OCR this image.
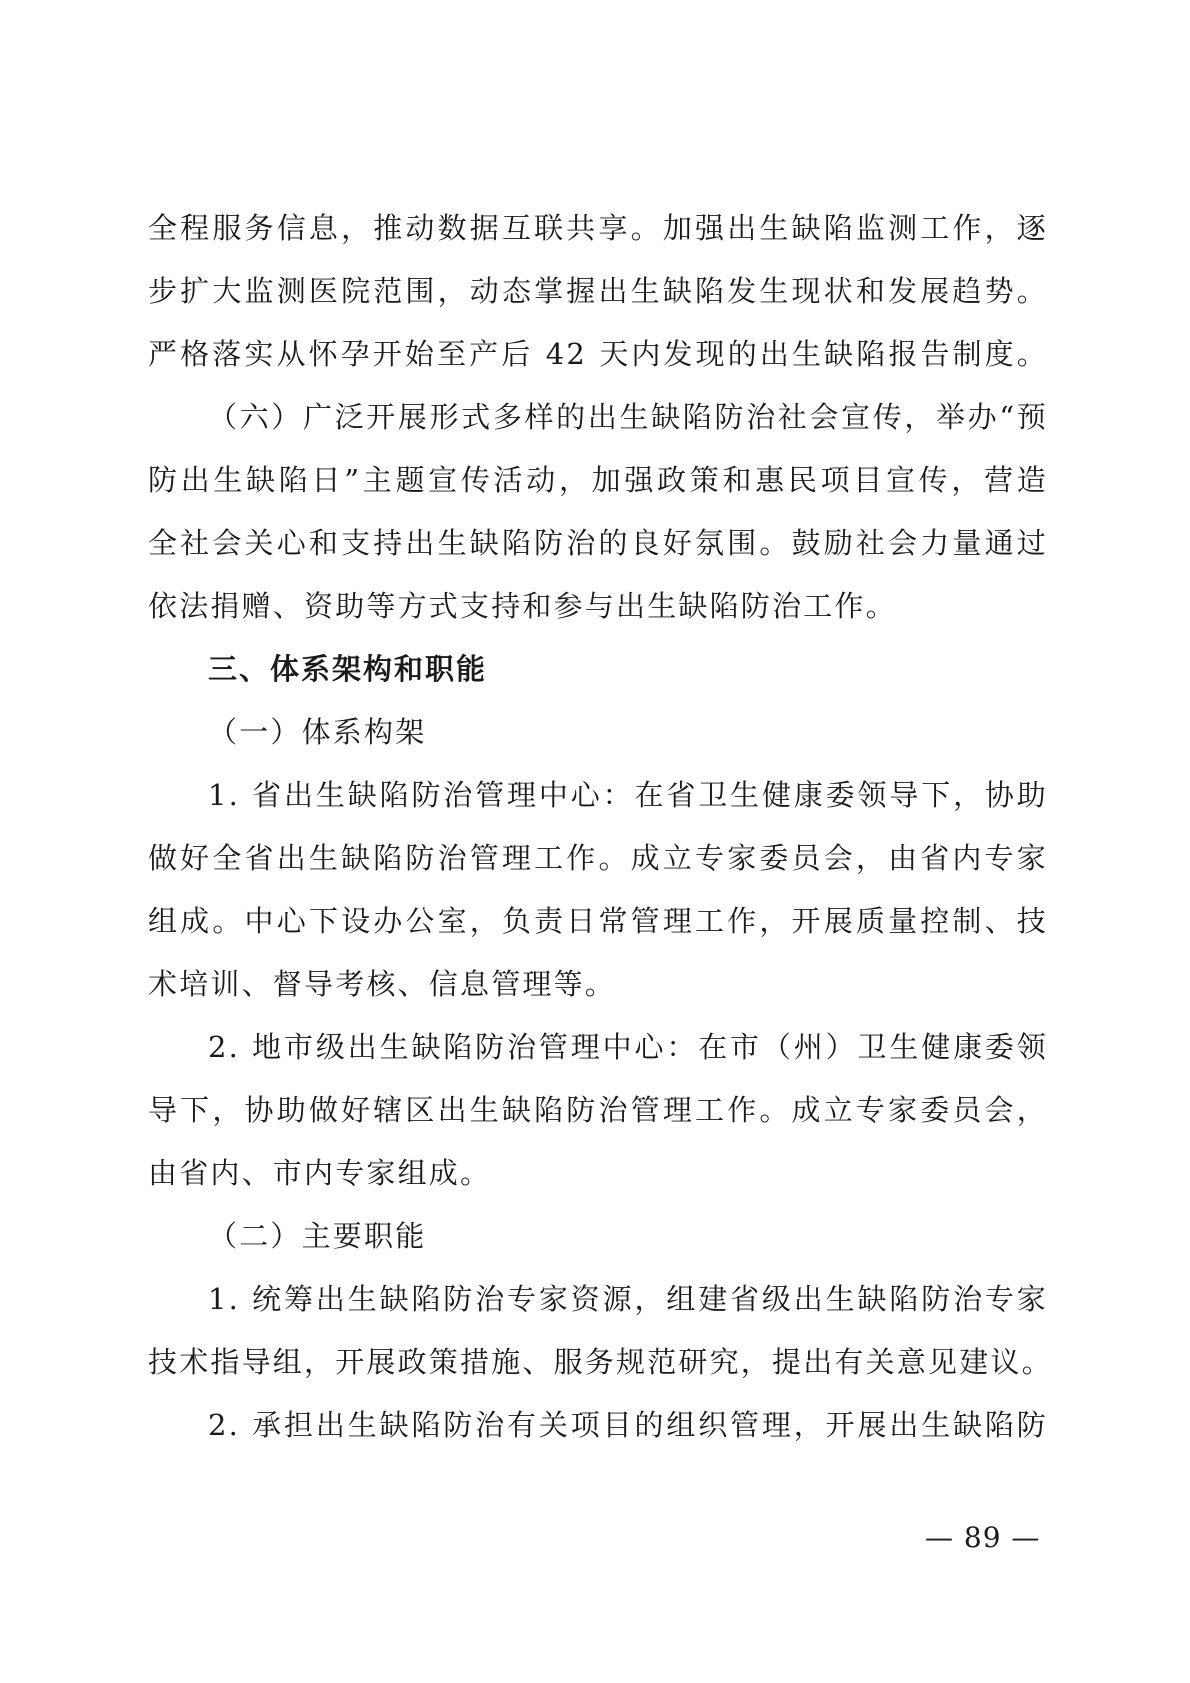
全程服务信息，推动数据互联共享。加强出生缺陷监测工作，逐
步扩大监测医院范围，动态掌握出生缺陷发生现状和发展趋势。
严格落实从怀孕开始至产后 42 天内发现的出生缺陷报告制度。
（六）广泛开展形式多样的出生缺陷防治社会宣传，举办“预
防出生缺陷日”主题宣传活动，加强政策和惠民项目宣传，营造
全社会关心和支持出生缺陷防治的良好氛围。鼓励社会力量通过
依法捐赠、资助等方式支持和参与出生缺陷防治工作。
三、体系架构和职能
（一）体系构架
1. 省出生缺陷防治管理中心：在省卫生健康委领导下，协助
做好全省出生缺陷防治管理工作。成立专家委员会，由省内专家
组成。中心下设办公室，负责日常管理工作，开展质量控制、技
术培训、督导考核、信息管理等。
2. 地市级出生缺陷防治管理中心：在市（州）卫生健康委领
导下，协助做好辖区出生缺陷防治管理工作。成立专家委员会，
由省内、市内专家组成。
（二）主要职能
1. 统筹出生缺陷防治专家资源，组建省级出生缺陷防治专家
技术指导组，开展政策措施、服务规范研究，提出有关意见建议。
2. 承担出生缺陷防治有关项目的组织管理，开展出生缺陷防
— 89 —
